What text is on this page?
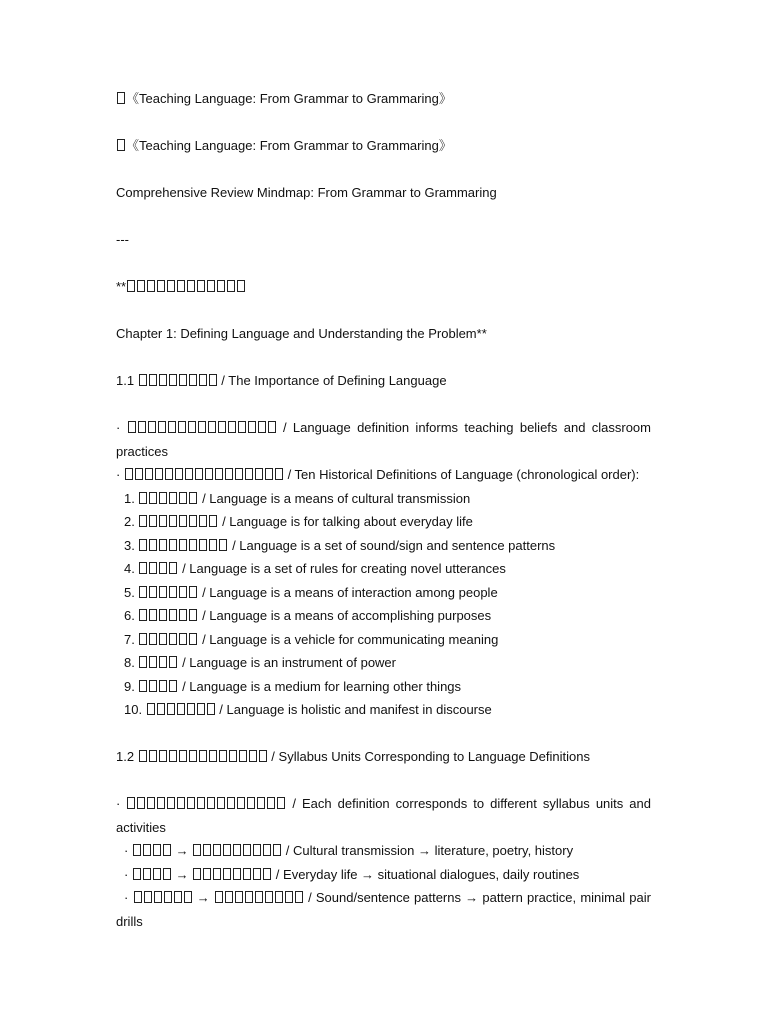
《Teaching Language: From Grammar to Grammaring》

《Teaching Language: From Grammar to Grammaring》

Comprehensive Review Mindmap: From Grammar to Grammaring

---

**

Chapter 1: Defining Language and Understanding the Problem**

1.1	/ The Importance of Defining Language

·	/ Language definition informs teaching beliefs and classroom practices

·	/ Ten Historical Definitions of Language (chronological order):

1.	/ Language is a means of cultural transmission

2.	/ Language is for talking about everyday life

3.	/ Language is a set of sound/sign and sentence patterns

4.	/ Language is a set of rules for creating novel utterances

5.	/ Language is a means of interaction among people

6.	/ Language is a means of accomplishing purposes

7.	/ Language is a vehicle for communicating meaning

8.	/ Language is an instrument of power

9.	/ Language is a medium for learning other things

10.	/ Language is holistic and manifest in discourse

1.2	/ Syllabus Units Corresponding to Language Definitions

·	/ Each definition corresponds to different syllabus units and activities

·	→	/ Cultural transmission → literature, poetry, history

·	→	/ Everyday life → situational dialogues, daily routines

·	→	/ Sound/sentence patterns → pattern practice, minimal pair drills
